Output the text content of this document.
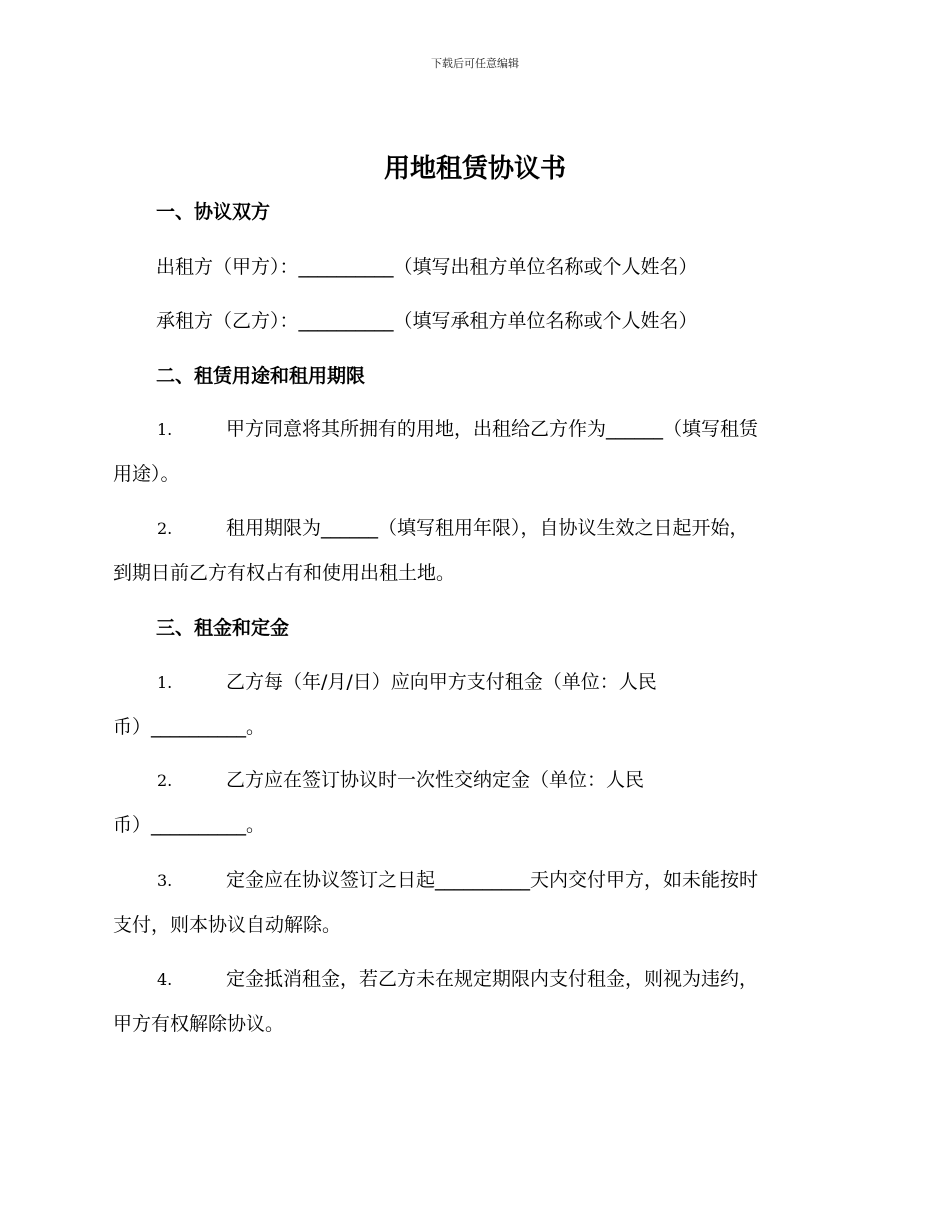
下载后可任意编辑
用地租赁协议书
一、协议双方
出租方（甲方）：__________（填写出租方单位名称或个人姓名）
承租方（乙方）：__________（填写承租方单位名称或个人姓名）
二、租赁用途和租用期限
1.	甲方同意将其所拥有的用地，出租给乙方作为______（填写租赁
用途）。
2.	租用期限为______（填写租用年限），自协议生效之日起开始，
到期日前乙方有权占有和使用出租土地。
三、租金和定金
1.	乙方每（年/月/日）应向甲方支付租金（单位：人民
币）__________。
2.	乙方应在签订协议时一次性交纳定金（单位：人民
币）__________。
3.	定金应在协议签订之日起__________天内交付甲方，如未能按时
支付，则本协议自动解除。
4.	定金抵消租金，若乙方未在规定期限内支付租金，则视为违约，
甲方有权解除协议。
